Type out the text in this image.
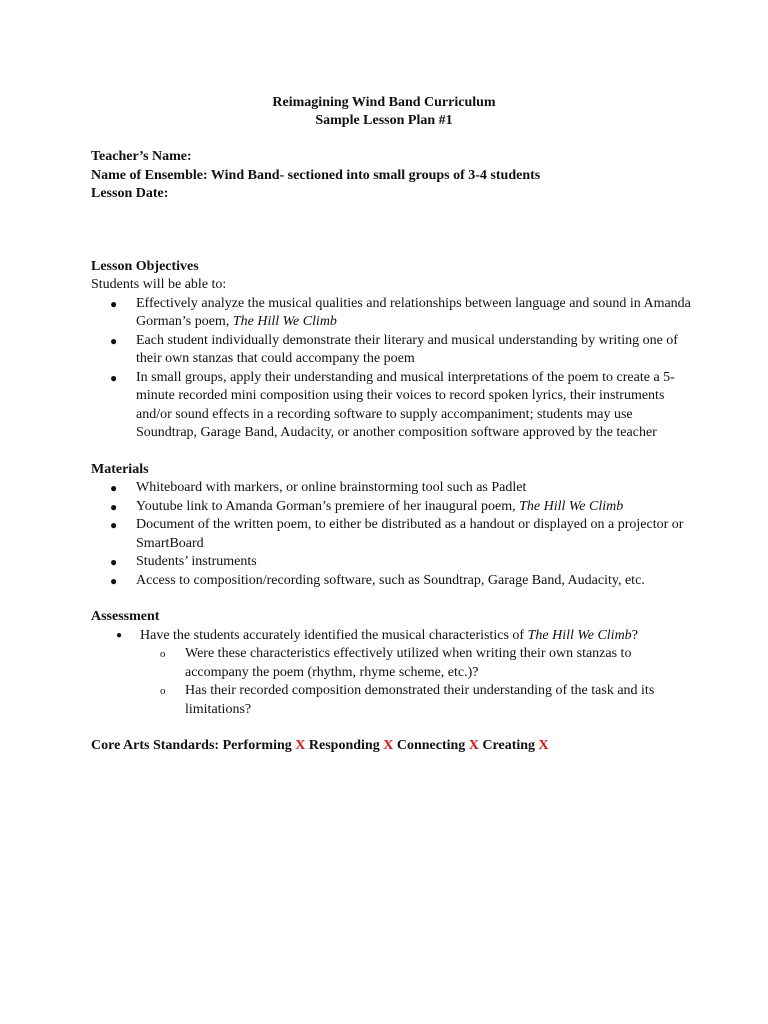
Reimagining Wind Band Curriculum
Sample Lesson Plan #1
Teacher’s Name:
Name of Ensemble: Wind Band- sectioned into small groups of 3-4 students
Lesson Date:
Lesson Objectives
Students will be able to:
● Effectively analyze the musical qualities and relationships between language and sound in Amanda Gorman’s poem, The Hill We Climb
● Each student individually demonstrate their literary and musical understanding by writing one of their own stanzas that could accompany the poem
● In small groups, apply their understanding and musical interpretations of the poem to create a 5-minute recorded mini composition using their voices to record spoken lyrics, their instruments and/or sound effects in a recording software to supply accompaniment; students may use Soundtrap, Garage Band, Audacity, or another composition software approved by the teacher
Materials
● Whiteboard with markers, or online brainstorming tool such as Padlet
● Youtube link to Amanda Gorman’s premiere of her inaugural poem, The Hill We Climb
● Document of the written poem, to either be distributed as a handout or displayed on a projector or SmartBoard
● Students’ instruments
● Access to composition/recording software, such as Soundtrap, Garage Band, Audacity, etc.
Assessment
● Have the students accurately identified the musical characteristics of The Hill We Climb?
o Were these characteristics effectively utilized when writing their own stanzas to accompany the poem (rhythm, rhyme scheme, etc.)?
o Has their recorded composition demonstrated their understanding of the task and its limitations?
Core Arts Standards: Performing X Responding X Connecting X Creating X
